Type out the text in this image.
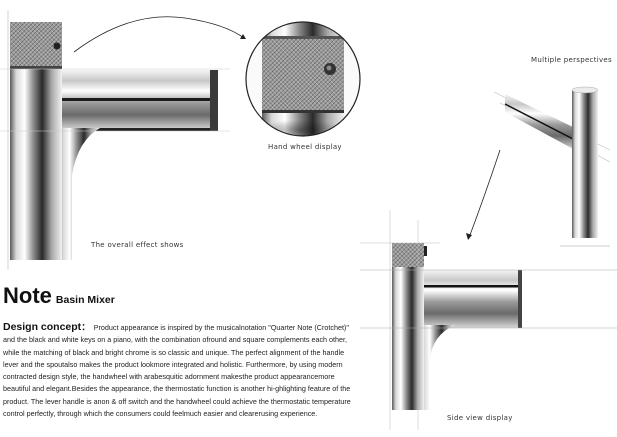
The overall effect shows
Hand wheel display
Multiple perspectives
Side view display
Note Basin Mixer
Design concept： Product appearance is inspired by the musicalnotation "Quarter Note (Crotchet)" and the black and white keys on a piano, with the combination ofround and square complements each other, while the matching of black and bright chrome is so classic and unique. The perfect alignment of the handle lever and the spoutalso makes the product lookmore integrated and holistic. Furthermore, by using modern contracted design style, the handwheel with arabesquitic adornment makesthe product appearancemore beautiful and elegant.Besides the appearance, the thermostatic function is another hi-ghlighting feature of the product. The lever handle is anon & off switch and the handwheel could achieve the thermostatic temperature control perfectly, through which the consumers could feelmuch easier and clearerusing experience.
